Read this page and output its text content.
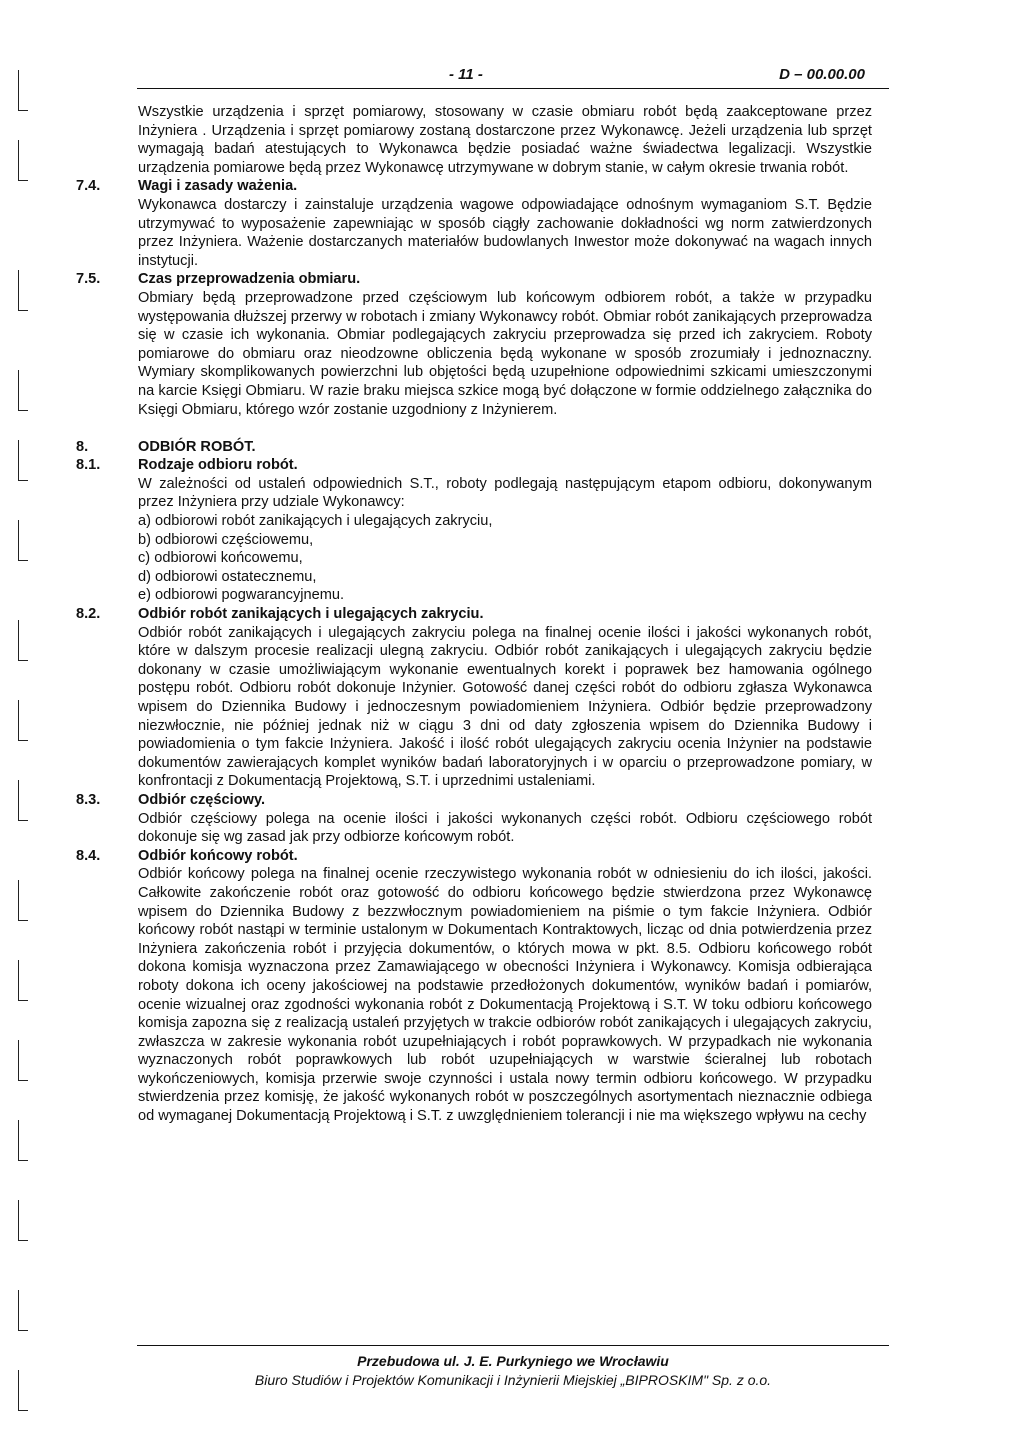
- 11 -	D – 00.00.00

Wszystkie urządzenia i sprzęt pomiarowy, stosowany w czasie obmiaru robót będą zaakceptowane przez Inżyniera . Urządzenia i sprzęt pomiarowy zostaną dostarczone przez Wykonawcę. Jeżeli urządzenia lub sprzęt wymagają badań atestujących to Wykonawca będzie posiadać ważne świadectwa legalizacji. Wszystkie urządzenia pomiarowe będą przez Wykonawcę utrzymywane w dobrym stanie, w całym okresie trwania robót.

7.4.	Wagi i zasady ważenia.

Wykonawca dostarczy i zainstaluje urządzenia wagowe odpowiadające odnośnym wymaganiom S.T. Będzie utrzymywać to wyposażenie zapewniając w sposób ciągły zachowanie dokładności wg norm zatwierdzonych przez Inżyniera. Ważenie dostarczanych materiałów budowlanych Inwestor może dokonywać na wagach innych instytucji.

7.5.	Czas przeprowadzenia obmiaru.

Obmiary będą przeprowadzone przed częściowym lub końcowym odbiorem robót, a także w przypadku występowania dłuższej przerwy w robotach i zmiany Wykonawcy robót. Obmiar robót zanikających przeprowadza się w czasie ich wykonania. Obmiar podlegających zakryciu przeprowadza się przed ich zakryciem. Roboty pomiarowe do obmiaru oraz nieodzowne obliczenia będą wykonane w sposób zrozumiały i jednoznaczny. Wymiary skomplikowanych powierzchni lub objętości będą uzupełnione odpowiednimi szkicami umieszczonymi na karcie Księgi Obmiaru. W razie braku miejsca szkice mogą być dołączone w formie oddzielnego załącznika do Księgi Obmiaru, którego wzór zostanie uzgodniony z Inżynierem.

8.	ODBIÓR ROBÓT.
8.1.	Rodzaje odbioru robót.

W zależności od ustaleń odpowiednich S.T., roboty podlegają następującym etapom odbioru, dokonywanym przez Inżyniera przy udziale Wykonawcy:

a) odbiorowi robót zanikających i ulegających zakryciu,
b) odbiorowi częściowemu,
c) odbiorowi końcowemu,
d) odbiorowi ostatecznemu,
e) odbiorowi pogwarancyjnemu.
8.2.	Odbiór robót zanikających i ulegających zakryciu.

Odbiór robót zanikających i ulegających zakryciu polega na finalnej ocenie ilości i jakości wykonanych robót, które w dalszym procesie realizacji ulegną zakryciu. Odbiór robót zanikających i ulegających zakryciu będzie dokonany w czasie umożliwiającym wykonanie ewentualnych korekt i poprawek bez hamowania ogólnego postępu robót. Odbioru robót dokonuje Inżynier. Gotowość danej części robót do odbioru zgłasza Wykonawca wpisem do Dziennika Budowy i jednoczesnym powiadomieniem Inżyniera. Odbiór będzie przeprowadzony niezwłocznie, nie później jednak niż w ciągu 3 dni od daty zgłoszenia wpisem do Dziennika Budowy i powiadomienia o tym fakcie Inżyniera. Jakość i ilość robót ulegających zakryciu ocenia Inżynier na podstawie dokumentów zawierających komplet wyników badań laboratoryjnych i w oparciu o przeprowadzone pomiary, w konfrontacji z Dokumentacją Projektową, S.T. i uprzednimi ustaleniami.

8.3.	Odbiór częściowy.

Odbiór częściowy polega na ocenie ilości i jakości wykonanych części robót. Odbioru częściowego robót dokonuje się wg zasad jak przy odbiorze końcowym robót.

8.4.	Odbiór końcowy robót.

Odbiór końcowy polega na finalnej ocenie rzeczywistego wykonania robót w odniesieniu do ich ilości, jakości. Całkowite zakończenie robót oraz gotowość do odbioru końcowego będzie stwierdzona przez Wykonawcę wpisem do Dziennika Budowy z bezzwłocznym powiadomieniem na piśmie o tym fakcie Inżyniera. Odbiór końcowy robót nastąpi w terminie ustalonym w Dokumentach Kontraktowych, licząc od dnia potwierdzenia przez Inżyniera zakończenia robót i przyjęcia dokumentów, o których mowa w pkt. 8.5. Odbioru końcowego robót dokona komisja wyznaczona przez Zamawiającego w obecności Inżyniera i Wykonawcy. Komisja odbierająca roboty dokona ich oceny jakościowej na podstawie przedłożonych dokumentów, wyników badań i pomiarów, ocenie wizualnej oraz zgodności wykonania robót z Dokumentacją Projektową i S.T. W toku odbioru końcowego komisja zapozna się z realizacją ustaleń przyjętych w trakcie odbiorów robót zanikających i ulegających zakryciu, zwłaszcza w zakresie wykonania robót uzupełniających i robót poprawkowych. W przypadkach nie wykonania wyznaczonych robót poprawkowych lub robót uzupełniających w warstwie ścieralnej lub robotach wykończeniowych, komisja przerwie swoje czynności i ustala nowy termin odbioru końcowego. W przypadku stwierdzenia przez komisję, że jakość wykonanych robót w poszczególnych asortymentach nieznacznie odbiega od wymaganej Dokumentacją Projektową i S.T. z uwzględnieniem tolerancji i nie ma większego wpływu na cechy

Przebudowa ul. J. E. Purkyniego we Wrocławiu
Biuro Studiów i Projektów Komunikacji i Inżynierii Miejskiej „BIPROSKIM" Sp. z o.o.
